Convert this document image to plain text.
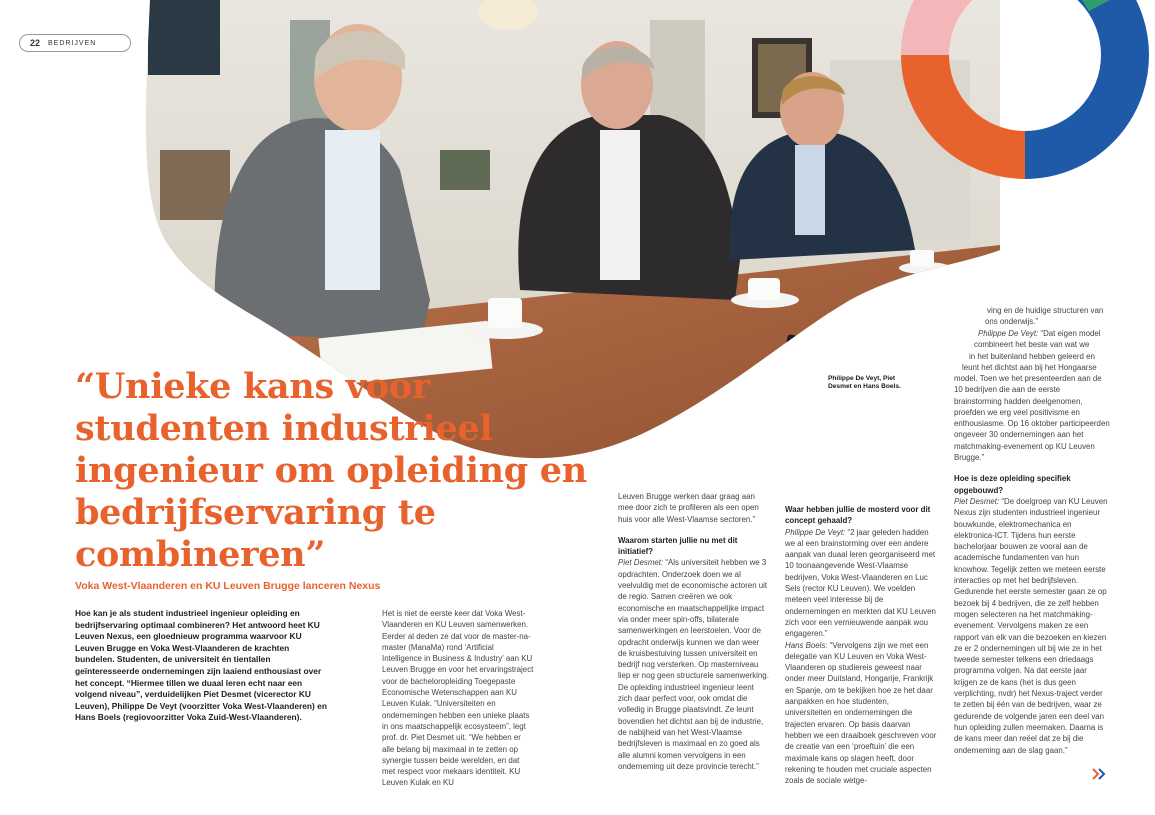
22 BEDRIJVEN

Philippe De Veyt, Piet Desmet en Hans Boels.

“Unieke kans voor studenten industrieel ingenieur om opleiding en bedrijfservaring te combineren”
Voka West-Vlaanderen en KU Leuven Brugge lanceren Nexus

Hoe kan je als student industrieel ingenieur opleiding en bedrijfservaring optimaal combineren? Het antwoord heet KU Leuven Nexus, een gloednieuw programma waarvoor KU Leuven Brugge en Voka West-Vlaanderen de krachten bundelen. Studenten, de universiteit én tientallen geïnteresseerde ondernemingen zijn laaiend enthousiast over het concept. “Hiermee tillen we duaal leren echt naar een volgend niveau”, verduidelijken Piet Desmet (vicerector KU Leuven), Philippe De Veyt (voorzitter Voka West-Vlaanderen) en Hans Boels (regiovoorzitter Voka Zuid-West-Vlaanderen).

Het is niet de eerste keer dat Voka West-Vlaanderen en KU Leuven samenwerken. Eerder al deden ze dat voor de master-na-master (ManaMa) rond ‘Artificial Intelligence in Business & Industry’ aan KU Leuven Brugge en voor het ervaringstraject voor de bacheloropleiding Toegepaste Economische Wetenschappen aan KU Leuven Kulak. “Universiteiten en ondernemingen hebben een unieke plaats in ons maatschappelijk ecosysteem”, legt prof. dr. Piet Desmet uit. “We hebben er alle belang bij maximaal in te zetten op synergie tussen beide werelden, en dat met respect voor mekaars identiteit. KU Leuven Kulak en KU

Leuven Brugge werken daar graag aan mee door zich te profileren als een open huis voor alle West-Vlaamse sectoren.”

Waarom starten jullie nu met dit initiatief?

Piet Desmet: “Als universiteit hebben we 3 opdrachten. Onderzoek doen we al veelvuldig met de economische actoren uit de regio. Samen creëren we ook economische en maatschappelijke impact via onder meer spin-offs, bilaterale samenwerkingen en leerstoelen. Voor de opdracht onderwijs kunnen we dan weer de kruisbestuiving tussen universiteit en bedrijf nog versterken. Op masterniveau liep er nog geen structurele samenwerking. De opleiding industrieel ingenieur leent zich daar perfect voor, ook omdat die volledig in Brugge plaatsvindt. Ze leunt bovendien het dichtst aan bij de industrie, de nabijheid van het West-Vlaamse bedrijfsleven is maximaal en zo goed als alle alumni komen vervolgens in een onderneming uit deze provincie terecht.”

Waar hebben jullie de mosterd voor dit concept gehaald?

Philippe De Veyt: “2 jaar geleden hadden we al een brainstorming over een andere aanpak van duaal leren georganiseerd met 10 toonaangevende West-Vlaamse bedrijven, Voka West-Vlaanderen en Luc Sels (rector KU Leuven). We voelden meteen veel interesse bij de ondernemingen en merkten dat KU Leuven zich voor een vernieuwende aanpak wou engageren.”

Hans Boels: “Vervolgens zijn we met een delegatie van KU Leuven en Voka West-Vlaanderen op studiereis geweest naar onder meer Duitsland, Hongarije, Frankrijk en Spanje, om te bekijken hoe ze het daar aanpakken en hoe studenten, universiteiten en ondernemingen die trajecten ervaren. Op basis daarvan hebben we een draaiboek geschreven voor de creatie van een ‘proeftuin’ die een maximale kans op slagen heeft, door rekening te houden met cruciale aspecten zoals de sociale wetge-

ving en de huidige structuren van
ons onderwijs.”
Philippe De Veyt: “Dat eigen model
combineert het beste van wat we
in het buitenland hebben geleerd en
leunt het dichtst aan bij het Hongaarse

model. Toen we het presenteerden aan de 10 bedrijven die aan de eerste brainstorming hadden deelgenomen, proefden we erg veel positivisme en enthousiasme. Op 16 oktober participeerden ongeveer 30 ondernemingen aan het matchmaking-evenement op KU Leuven Brugge.”

Hoe is deze opleiding specifiek opgebouwd?

Piet Desmet: “De doelgroep van KU Leuven Nexus zijn studenten industrieel ingenieur bouwkunde, elektromechanica en elektronica-ICT. Tijdens hun eerste bachelorjaar bouwen ze vooral aan de academische fundamenten van hun knowhow. Tegelijk zetten we meteen eerste interacties op met het bedrijfsleven. Gedurende het eerste semester gaan ze op bezoek bij 4 bedrijven, die ze zelf hebben mogen selecteren na het matchmaking-evenement. Vervolgens maken ze een rapport van elk van die bezoeken en kiezen ze er 2 ondernemingen uit bij wie ze in het tweede semester telkens een driedaags programma volgen. Na dat eerste jaar krijgen ze de kans (het is dus geen verplichting, nvdr) het Nexus-traject verder te zetten bij één van de bedrijven, waar ze gedurende de volgende jaren een deel van hun opleiding zullen meemaken. Daarna is de kans meer dan reëel dat ze bij die onderneming aan de slag gaan.”
